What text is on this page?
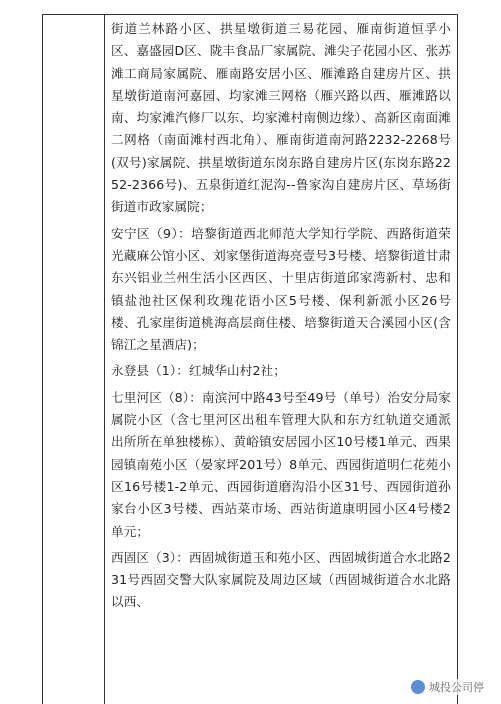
街道兰林路小区、拱星墩街道三易花园、雁南街道恒孚小区、嘉盛园D区、陇丰食品厂家属院、滩尖子花园小区、张苏滩工商局家属院、雁南路安居小区、雁滩路自建房片区、拱星墩街道南河嘉园、均家滩三网格（雁兴路以西、雁滩路以南、均家滩汽修厂以东、均家滩村南侧边缘）、高新区南面滩二网格（南面滩村西北角）、雁南街道南河路2232-2268号(双号)家属院、拱星墩街道东岗东路自建房片区(东岗东路2252-2366号)、五泉街道红泥沟--鲁家沟自建房片区、草场街街道市政家属院；

安宁区（9）：培黎街道西北师范大学知行学院、西路街道荣光藏麻公馆小区、刘家堡街道海亮壹号3号楼、培黎街道甘肃东兴铝业兰州生活小区西区、十里店街道邱家湾新村、忠和镇盐池社区保利玫瑰花语小区5号楼、保利新派小区26号楼、孔家崖街道桃海高层商住楼、培黎街道天合溪园小区(含锦江之星酒店)；

永登县（1）：红城华山村2社；

七里河区（8）：南滨河中路43号至49号（单号）治安分局家属院小区（含七里河区出租车管理大队和东方红轨道交通派出所所在单独楼栋）、黄峪镇安居园小区10号楼1单元、西果园镇南苑小区（晏家坪201号）8单元、西园街道明仁花苑小区16号楼1-2单元、西园街道磨沟沿小区31号、西园街道孙家台小区3号楼、西站菜市场、西站街道康明园小区4号楼2单元；

西固区（3）：西固城街道玉和苑小区、西固城街道合水北路231号西固交警大队家属院及周边区域（西固城街道合水北路以西、

城投公司停
